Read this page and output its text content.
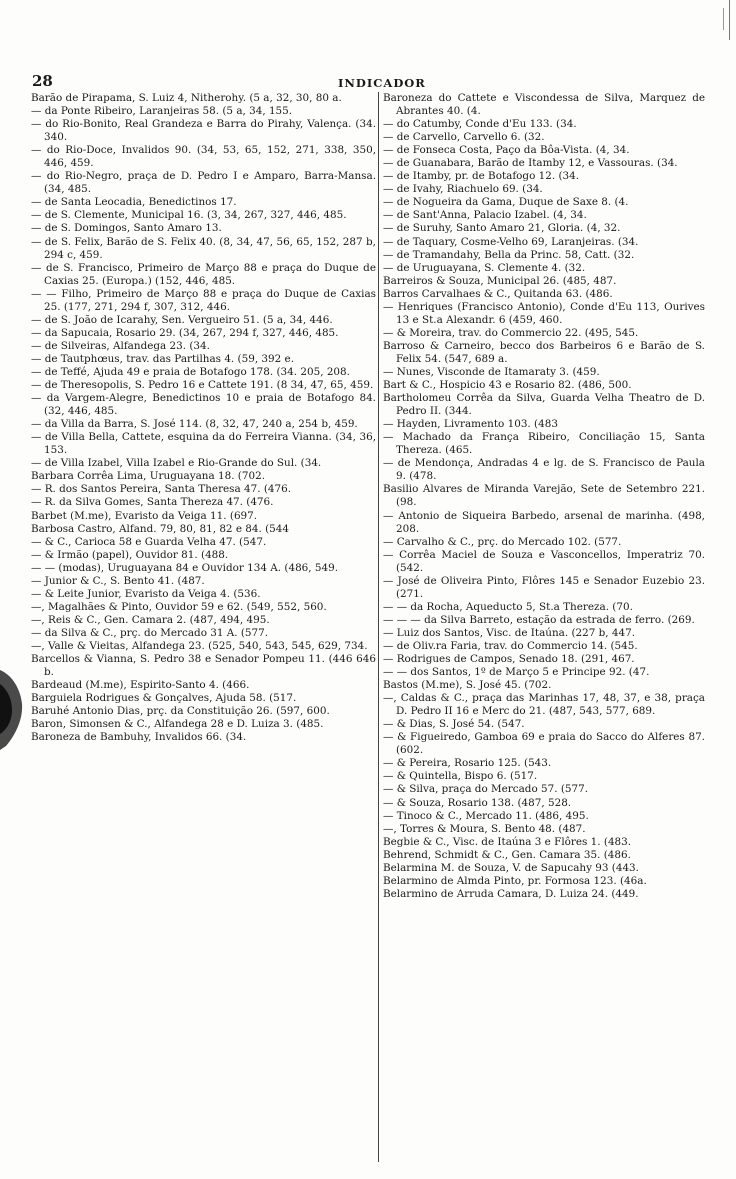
28	INDICADOR
Barão de Pirapama, S. Luiz 4, Nitherohy. (5 a, 32, 30, 80 a.
— da Ponte Ribeiro, Laranjeiras 58. (5 a, 34, 155.
— do Rio-Bonito, Real Grandeza e Barra do Pirahy, Valença. (34. 340.
— do Rio-Doce, Invalidos 90. (34, 53, 65, 152, 271, 338, 350, 446, 459.
— do Rio-Negro, praça de D. Pedro I e Amparo, Barra-Mansa. (34, 485.
— de Santa Leocadia, Benedictinos 17.
— de S. Clemente, Municipal 16. (3, 34, 267, 327, 446, 485.
— de S. Domingos, Santo Amaro 13.
— de S. Felix, Barão de S. Felix 40. (8, 34, 47, 56, 65, 152, 287 b, 294 c, 459.
— de S. Francisco, Primeiro de Março 88 e praça do Duque de Caxias 25. (Europa.) (152, 446, 485.
— — Filho, Primeiro de Março 88 e praça do Duque de Caxias 25. (177, 271, 294 f, 307, 312, 446.
— de S. João de Icarahy, Sen. Vergueiro 51. (5 a, 34, 446.
— da Sapucaia, Rosario 29. (34, 267, 294 f, 327, 446, 485.
— de Silveiras, Alfandega 23. (34.
— de Tautphœus, trav. das Partilhas 4. (59, 392 e.
— de Teffé, Ajuda 49 e praia de Botafogo 178. (34. 205, 208.
— de Theresopolis, S. Pedro 16 e Cattete 191. (8 34, 47, 65, 459.
— da Vargem-Alegre, Benedictinos 10 e praia de Botafogo 84. (32, 446, 485.
— da Villa da Barra, S. José 114. (8, 32, 47, 240 a, 254 b, 459.
— de Villa Bella, Cattete, esquina da do Ferreira Vianna. (34, 36, 153.
— de Villa Izabel, Villa Izabel e Rio-Grande do Sul. (34.
Barbara Corrêa Lima, Uruguayana 18. (702.
— R. dos Santos Pereira, Santa Theresa 47. (476.
— R. da Silva Gomes, Santa Thereza 47. (476.
Barbet (M.me), Evaristo da Veiga 11. (697.
Barbosa Castro, Alfand. 79, 80, 81, 82 e 84. (544
— & C., Carioca 58 e Guarda Velha 47. (547.
— & Irmão (papel), Ouvidor 81. (488.
— — (modas), Uruguayana 84 e Ouvidor 134 A. (486, 549.
— Junior & C., S. Bento 41. (487.
— & Leite Junior, Evaristo da Veiga 4. (536.
—, Magalhães & Pinto, Ouvidor 59 e 62. (549, 552, 560.
—, Reis & C., Gen. Camara 2. (487, 494, 495.
— da Silva & C., prç. do Mercado 31 A. (577.
—, Valle & Vieitas, Alfandega 23. (525, 540, 543, 545, 629, 734.
Barcellos & Vianna, S. Pedro 38 e Senador Pompeu 11. (446 646 b.
Bardeaud (M.me), Espirito-Santo 4. (466.
Barguiela Rodrigues & Gonçalves, Ajuda 58. (517.
Baruhé Antonio Dias, prç. da Constituição 26. (597, 600.
Baron, Simonsen & C., Alfandega 28 e D. Luiza 3. (485.
Baroneza de Bambuhy, Invalidos 66. (34.
Baroneza do Cattete e Viscondessa de Silva, Marquez de Abrantes 40. (4.
— do Catumby, Conde d'Eu 133. (34.
— de Carvello, Carvello 6. (32.
— de Fonseca Costa, Paço da Bôa-Vista. (4, 34.
— de Guanabara, Barão de Itamby 12, e Vassouras. (34.
— de Itamby, pr. de Botafogo 12. (34.
— de Ivahy, Riachuelo 69. (34.
— de Nogueira da Gama, Duque de Saxe 8. (4.
— de Sant'Anna, Palacio Izabel. (4, 34.
— de Suruhy, Santo Amaro 21, Gloria. (4, 32.
— de Taquary, Cosme-Velho 69, Laranjeiras. (34.
— de Tramandahy, Bella da Princ. 58, Catt. (32.
— de Uruguayana, S. Clemente 4. (32.
Barreiros & Souza, Municipal 26. (485, 487.
Barros Carvalhaes & C., Quitanda 63. (486.
— Henriques (Francisco Antonio), Conde d'Eu 113, Ourives 13 e St.a Alexandr. 6 (459, 460.
— & Moreira, trav. do Commercio 22. (495, 545.
Barroso & Carneiro, becco dos Barbeiros 6 e Barão de S. Felix 54. (547, 689 a.
— Nunes, Visconde de Itamaraty 3. (459.
Bart & C., Hospicio 43 e Rosario 82. (486, 500.
Bartholomeu Corrêa da Silva, Guarda Velha Theatro de D. Pedro II. (344.
— Hayden, Livramento 103. (483
— Machado da França Ribeiro, Conciliação 15, Santa Thereza. (465.
— de Mendonça, Andradas 4 e lg. de S. Francisco de Paula 9. (478.
Basilio Alvares de Miranda Varejão, Sete de Setembro 221. (98.
— Antonio de Siqueira Barbedo, arsenal de marinha. (498, 208.
— Carvalho & C., prç. do Mercado 102. (577.
— Corrêa Maciel de Souza e Vasconcellos, Imperatriz 70. (542.
— José de Oliveira Pinto, Flôres 145 e Senador Euzebio 23. (271.
— — da Rocha, Aqueducto 5, St.a Thereza. (70.
— — — da Silva Barreto, estação da estrada de ferro. (269.
— Luiz dos Santos, Visc. de Itaúna. (227 b, 447.
— de Oliv.ra Faria, trav. do Commercio 14. (545.
— Rodrigues de Campos, Senado 18. (291, 467.
— — dos Santos, 1º de Março 5 e Principe 92. (47.
Bastos (M.me), S. José 45. (702.
—, Caldas & C., praça das Marinhas 17, 48, 37, e 38, praça D. Pedro II 16 e Merc do 21. (487, 543, 577, 689.
— & Dias, S. José 54. (547.
— & Figueiredo, Gamboa 69 e praia do Sacco do Alferes 87. (602.
— & Pereira, Rosario 125. (543.
— & Quintella, Bispo 6. (517.
— & Silva, praça do Mercado 57. (577.
— & Souza, Rosario 138. (487, 528.
— Tinoco & C., Mercado 11. (486, 495.
—, Torres & Moura, S. Bento 48. (487.
Begbie & C., Visc. de Itaúna 3 e Flôres 1. (483.
Behrend, Schmidt & C., Gen. Camara 35. (486.
Belarmina M. de Souza, V. de Sapucahy 93 (443.
Belarmino de Almda Pinto, pr. Formosa 123. (46a.
Belarmino de Arruda Camara, D. Luiza 24. (449.
